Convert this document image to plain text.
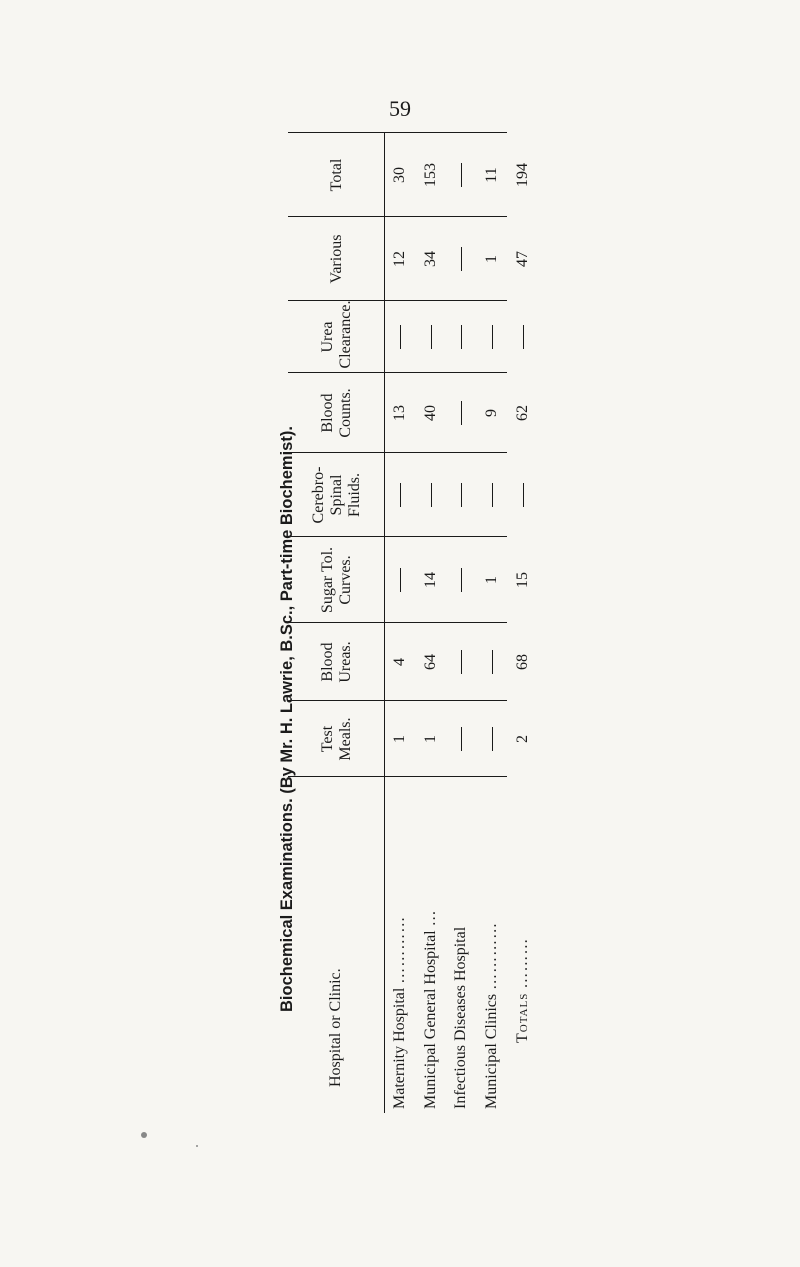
59
Biochemical Examinations. (By Mr. H. Lawrie, B.Sc., Part-time Biochemist).
Hospital or Clinic.	Test Meals.	Blood Ureas.	Sugar Tol. Curves.	Cerebro-Spinal Fluids.	Blood Counts.	Urea Clearance.	Various	Total
Maternity Hospital …………	1	4			13		12	30
Municipal General Hospital …	1	64	14		40		34	153
Infectious Diseases Hospital								
Municipal Clinics …………			1		9		1	11
Totals ………	2	68	15		62		47	194
